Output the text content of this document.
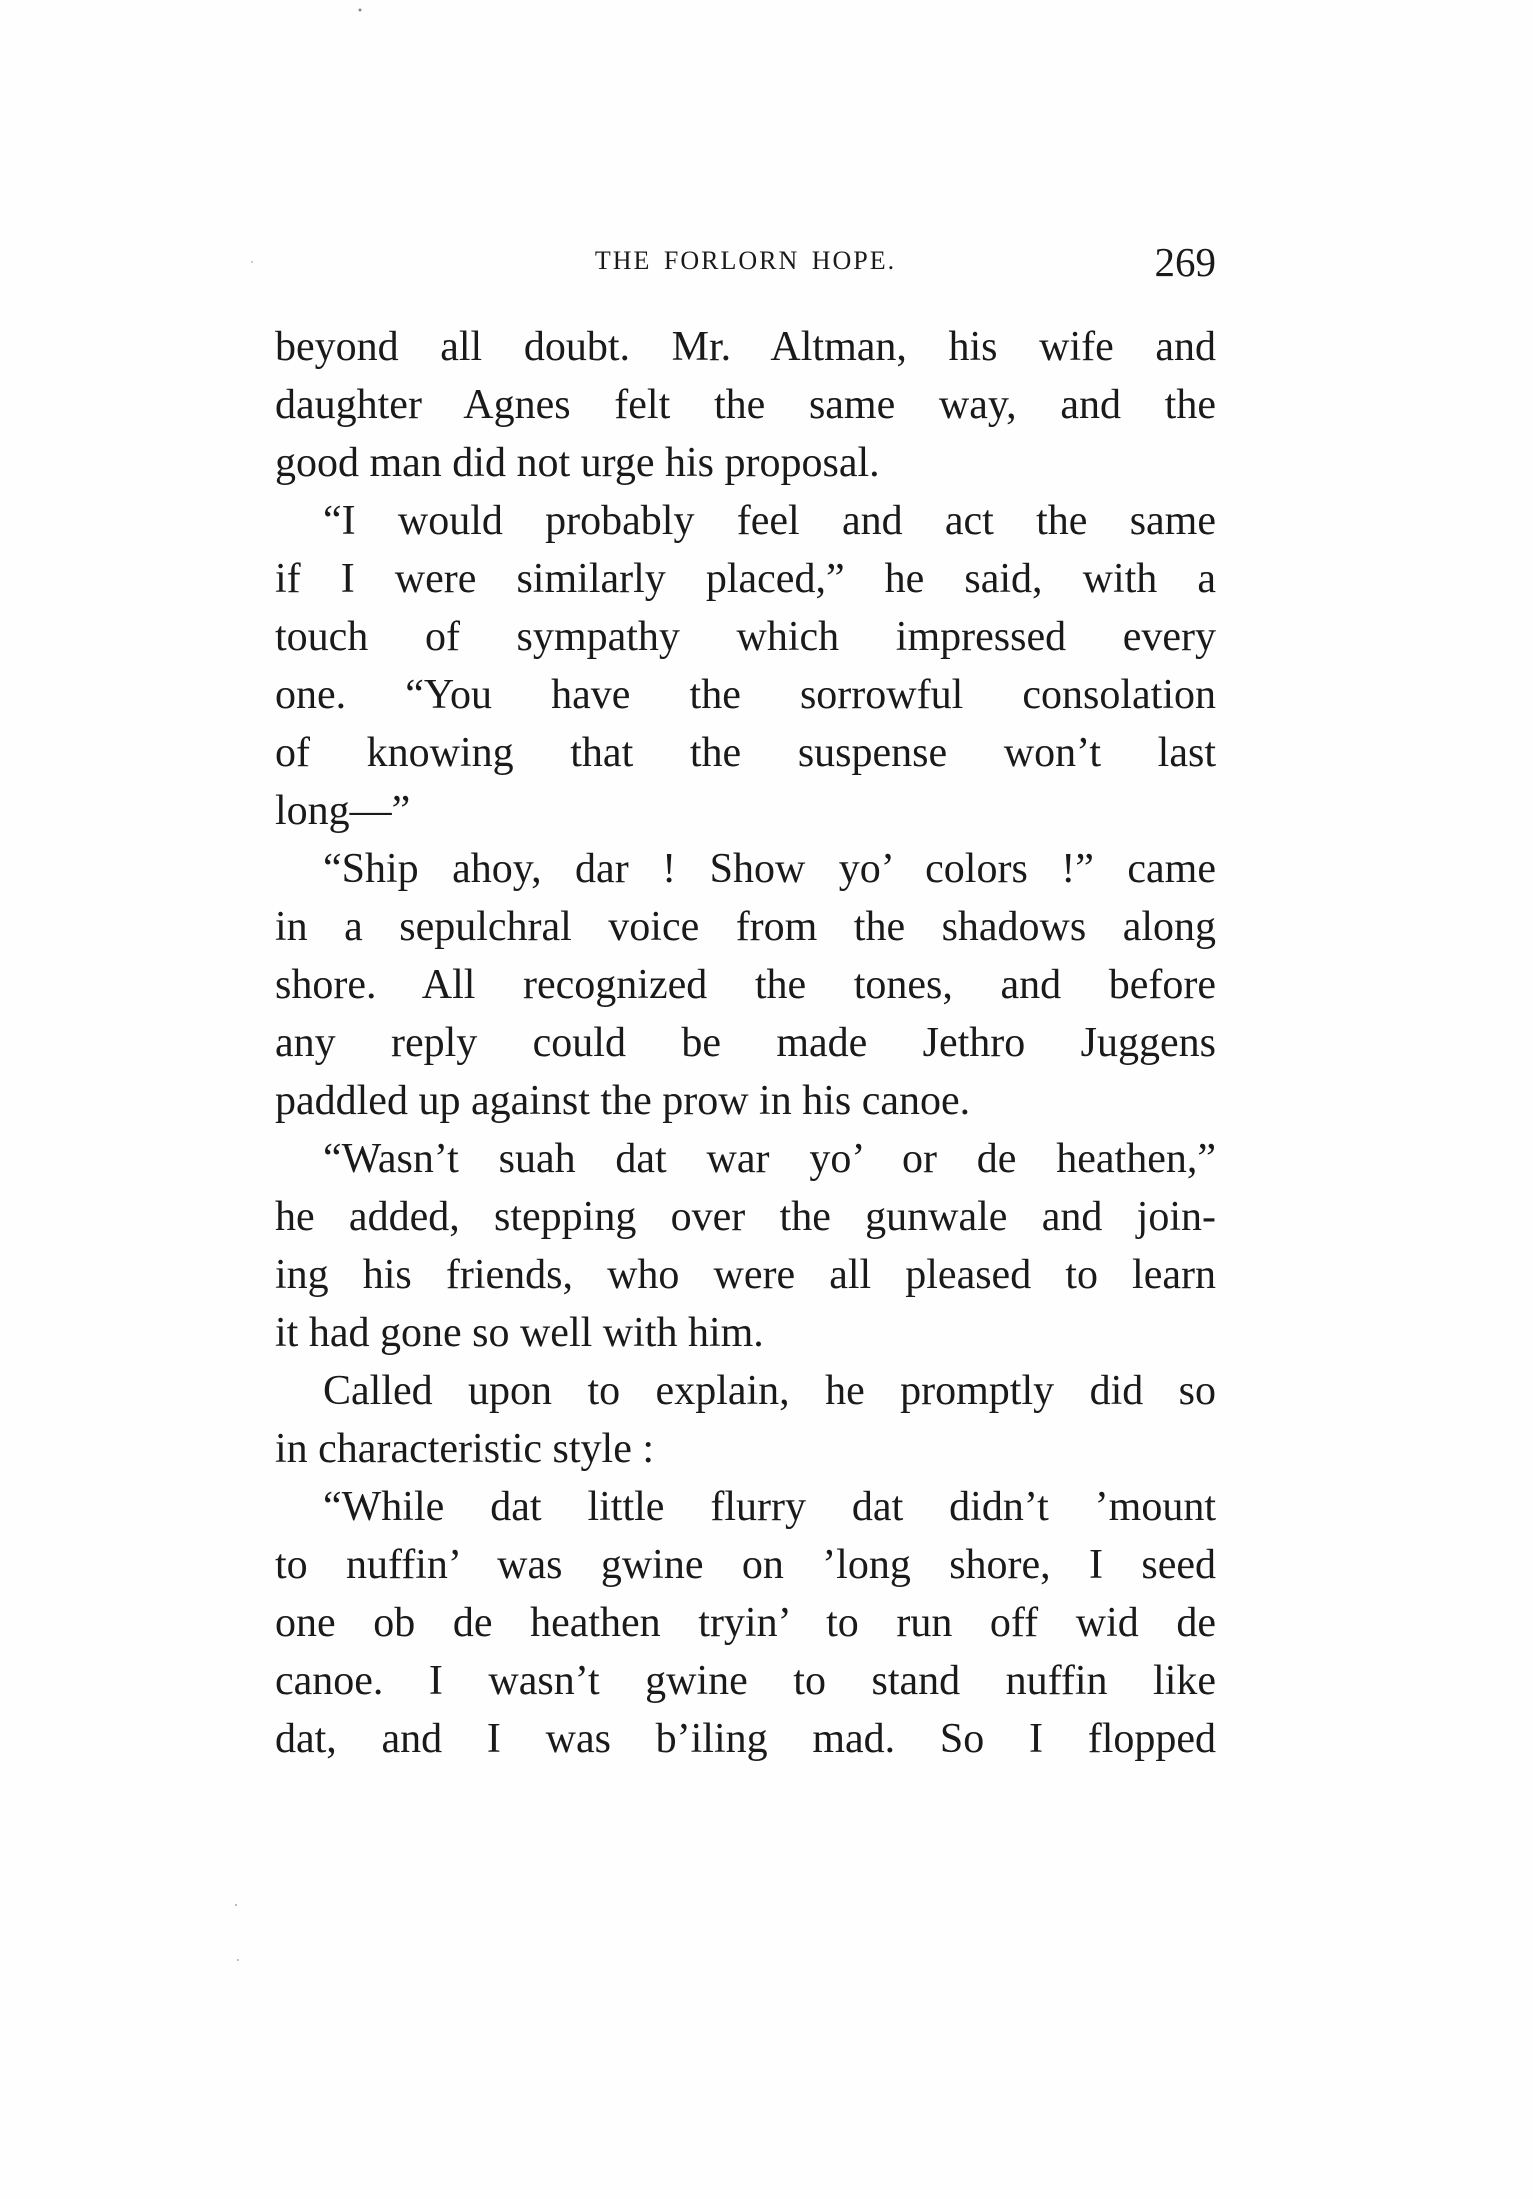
THE FORLORN HOPE.	269
beyond all doubt. Mr. Altman, his wife and
daughter Agnes felt the same way, and the
good man did not urge his proposal.
“I would probably feel and act the same
if I were similarly placed,” he said, with a
touch of sympathy which impressed every
one. “You have the sorrowful consolation
of knowing that the suspense won’t last
long—”
“Ship ahoy, dar ! Show yo’ colors !” came
in a sepulchral voice from the shadows along
shore. All recognized the tones, and before
any reply could be made Jethro Juggens
paddled up against the prow in his canoe.
“Wasn’t suah dat war yo’ or de heathen,”
he added, stepping over the gunwale and join-
ing his friends, who were all pleased to learn
it had gone so well with him.
Called upon to explain, he promptly did so
in characteristic style :
“While dat little flurry dat didn’t ’mount
to nuffin’ was gwine on ’long shore, I seed
one ob de heathen tryin’ to run off wid de
canoe. I wasn’t gwine to stand nuffin like
dat, and I was b’iling mad. So I flopped
